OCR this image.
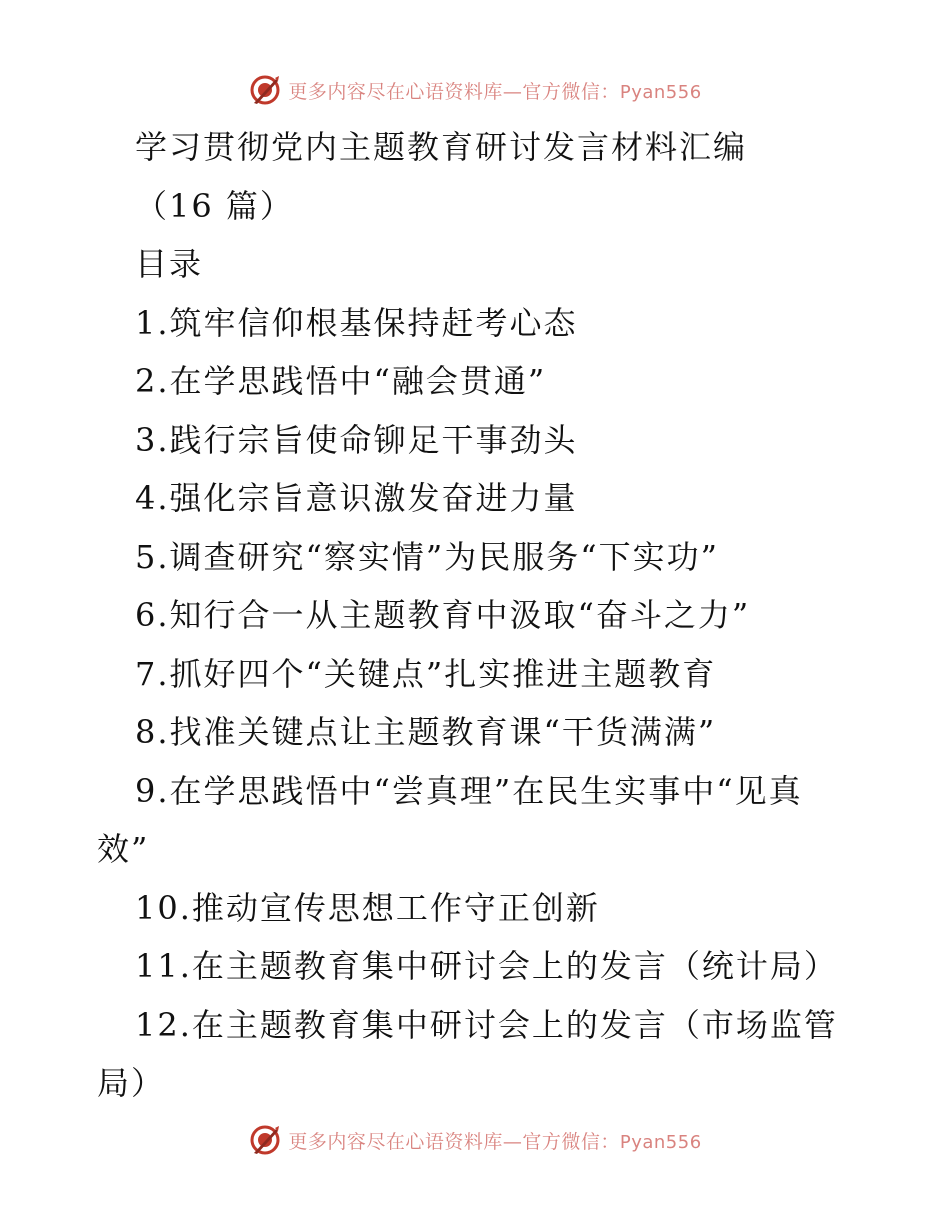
更多内容尽在心语资料库—官方微信：Pyan556

学习贯彻党内主题教育研讨发言材料汇编

（16 篇）

目录

1.筑牢信仰根基保持赶考心态

2.在学思践悟中“融会贯通”

3.践行宗旨使命铆足干事劲头

4.强化宗旨意识激发奋进力量

5.调查研究“察实情”为民服务“下实功”

6.知行合一从主题教育中汲取“奋斗之力”

7.抓好四个“关键点”扎实推进主题教育

8.找准关键点让主题教育课“干货满满”

9.在学思践悟中“尝真理”在民生实事中“见真

效”

10.推动宣传思想工作守正创新

11.在主题教育集中研讨会上的发言（统计局）

12.在主题教育集中研讨会上的发言（市场监管

局）

更多内容尽在心语资料库—官方微信：Pyan556
